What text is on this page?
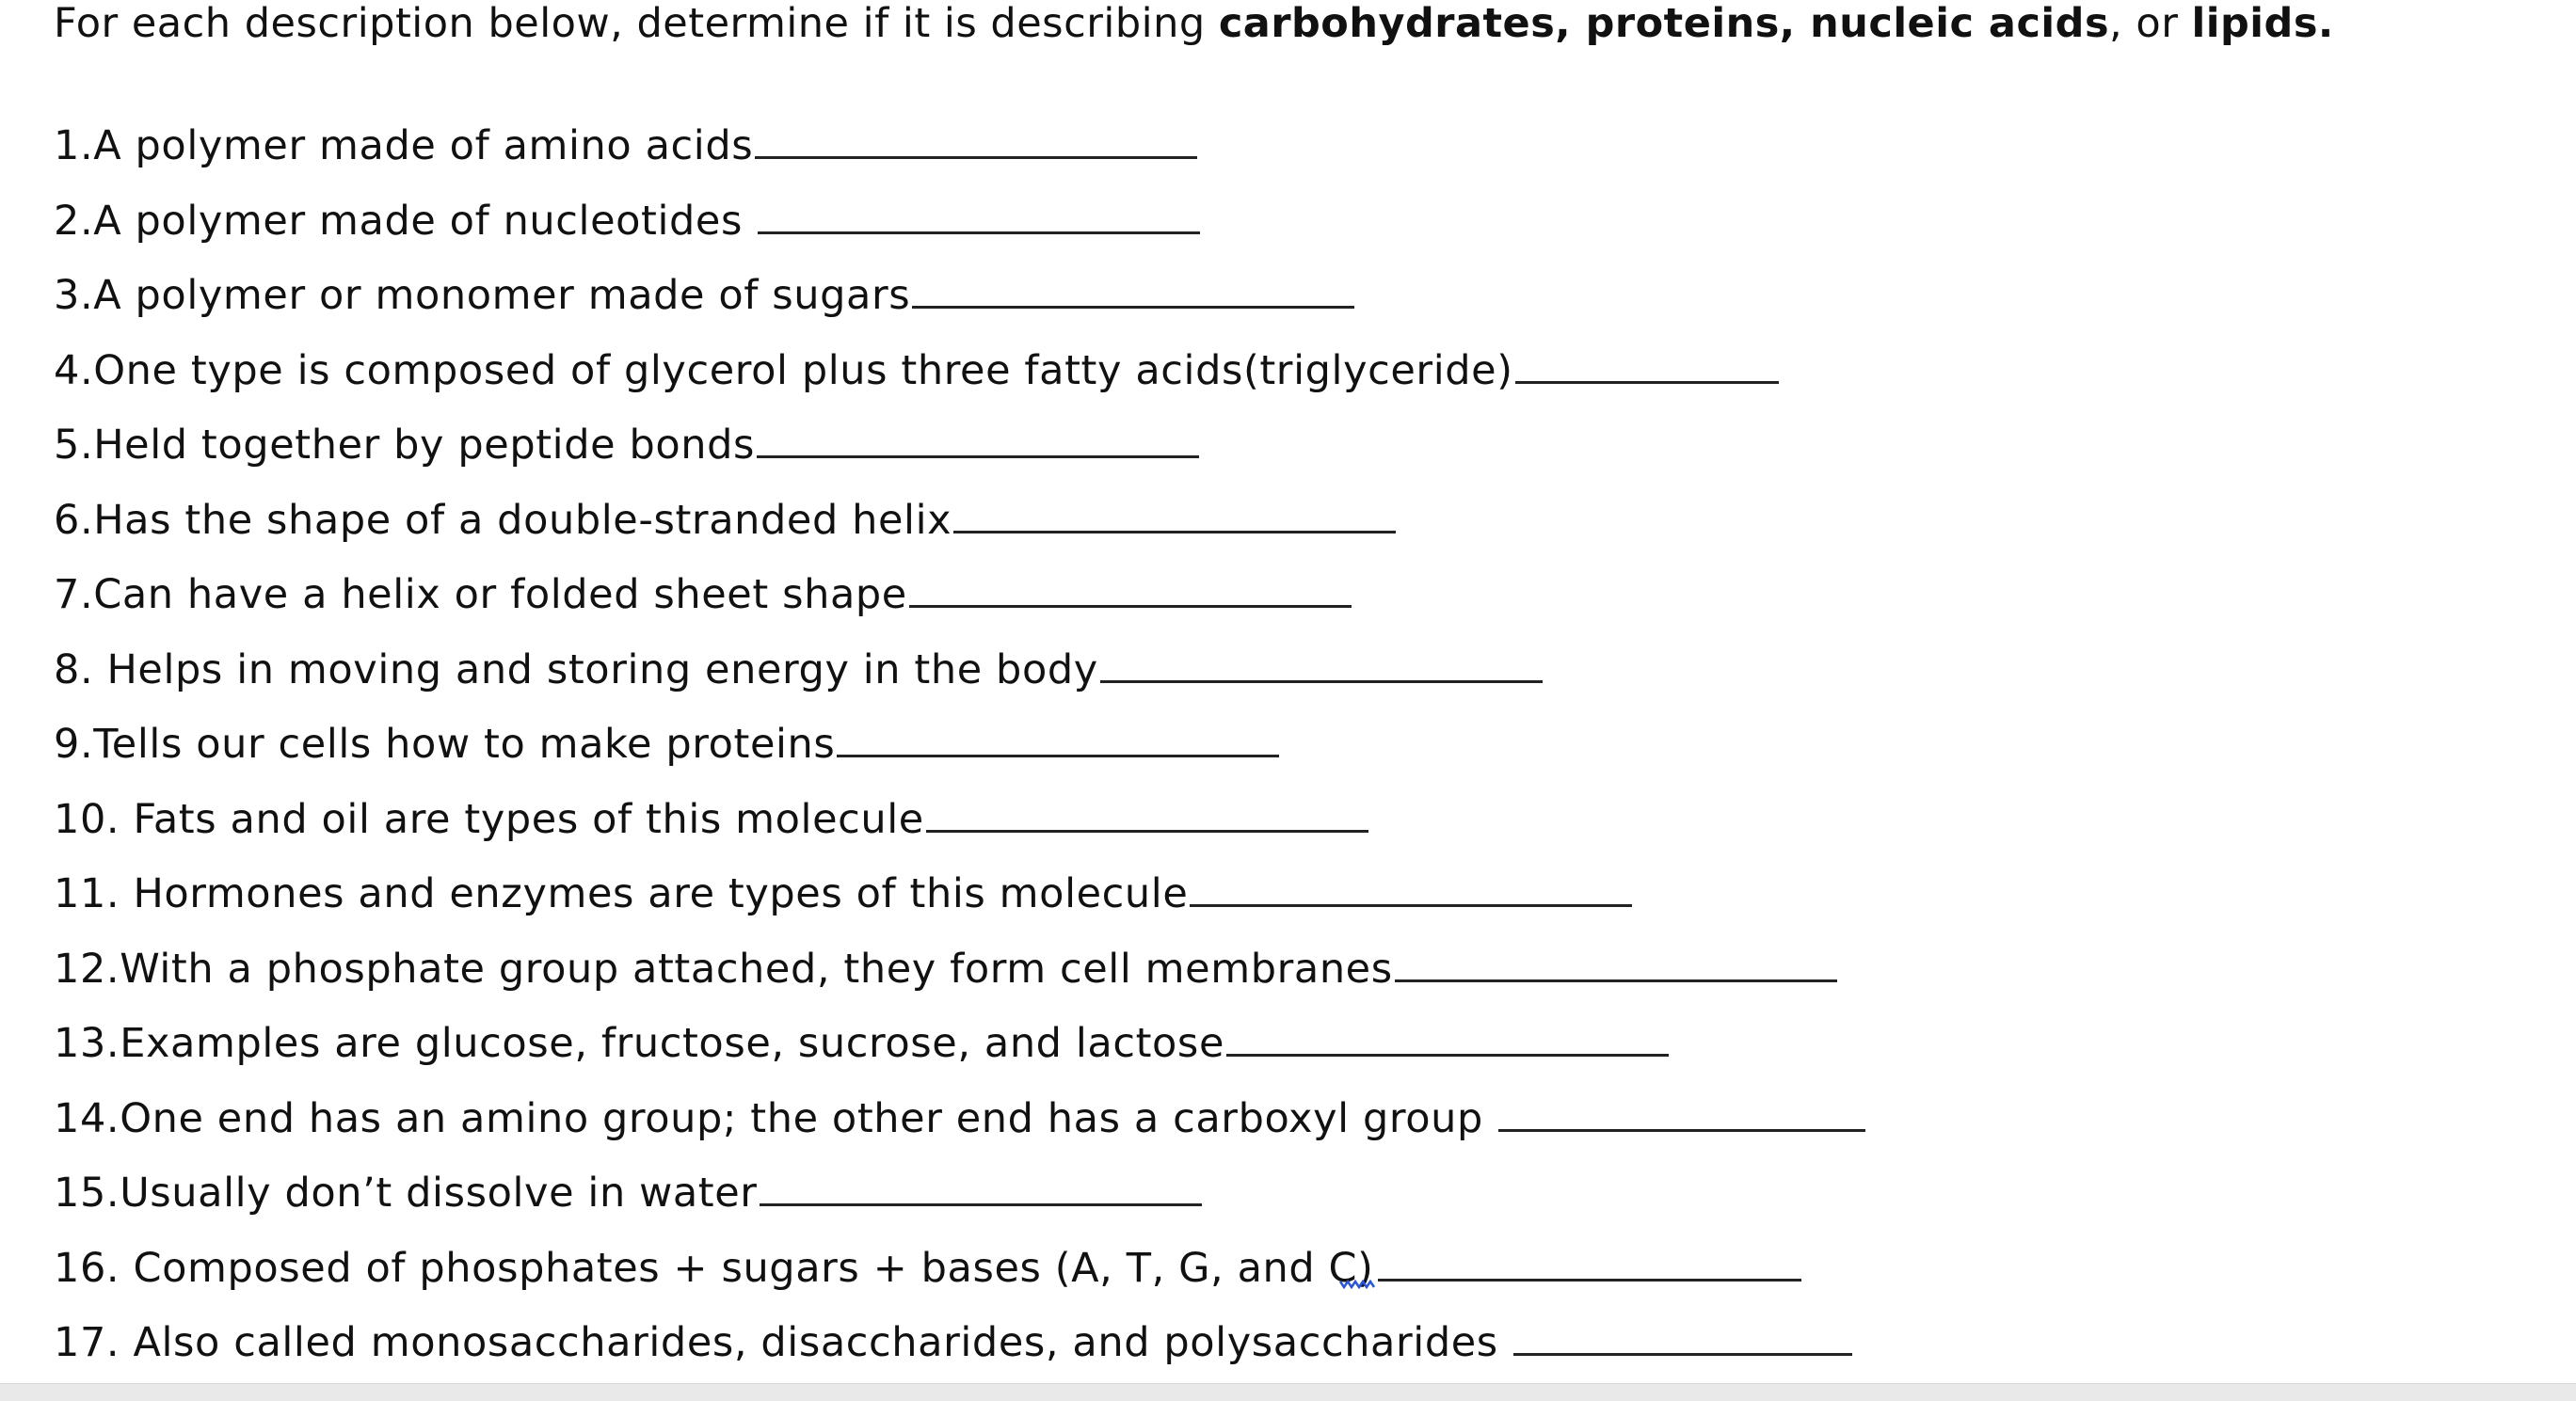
For each description below, determine if it is describing carbohydrates, proteins, nucleic acids, or lipids.
1.A polymer made of amino acids
2.A polymer made of nucleotides
3.A polymer or monomer made of sugars
4.One type is composed of glycerol plus three fatty acids(triglyceride)
5.Held together by peptide bonds
6.Has the shape of a double-stranded helix
7.Can have a helix or folded sheet shape
8. Helps in moving and storing energy in the body
9.Tells our cells how to make proteins
10. Fats and oil are types of this molecule
11. Hormones and enzymes are types of this molecule
12.With a phosphate group attached, they form cell membranes
13.Examples are glucose, fructose, sucrose, and lactose
14.One end has an amino group; the other end has a carboxyl group
15.Usually don’t dissolve in water
16. Composed of phosphates + sugars + bases (A, T, G, and C)
17. Also called monosaccharides, disaccharides, and polysaccharides
